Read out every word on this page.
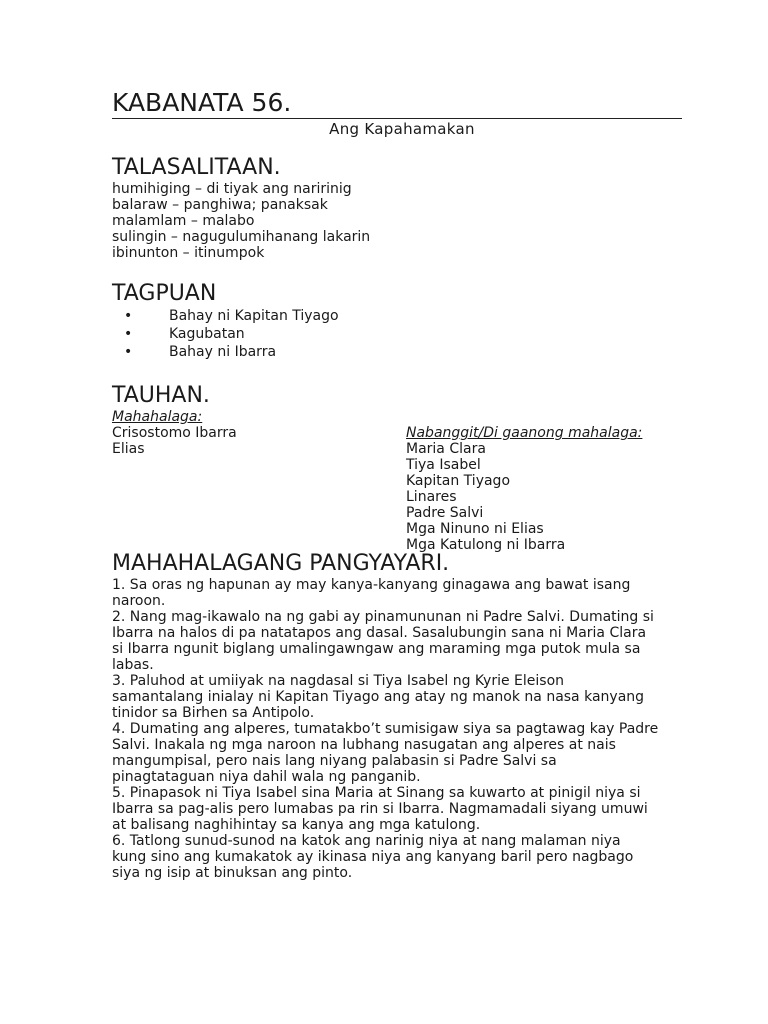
KABANATA 56.

Ang Kapahamakan

TALASALITAAN.

humihiging – di tiyak ang naririnig

balaraw – panghiwa; panaksak

malamlam – malabo

sulingin – nagugulumihanang lakarin

ibinunton – itinumpok

TAGPUAN
•	Bahay ni Kapitan Tiyago
•	Kagubatan
•	Bahay ni Ibarra
TAUHAN.

Mahahalaga:

Crisostomo Ibarra

Elias

Nabanggit/Di gaanong mahalaga:

Maria Clara

Tiya Isabel

Kapitan Tiyago

Linares

Padre Salvi

Mga Ninuno ni Elias

Mga Katulong ni Ibarra

MAHAHALAGANG PANGYAYARI.

1. Sa oras ng hapunan ay may kanya-kanyang ginagawa ang bawat isang

naroon.

2. Nang mag-ikawalo na ng gabi ay pinamununan ni Padre Salvi. Dumating si

Ibarra na halos di pa natatapos ang dasal. Sasalubungin sana ni Maria Clara

si Ibarra ngunit biglang umalingawngaw ang maraming mga putok mula sa

labas.

3. Paluhod at umiiyak na nagdasal si Tiya Isabel ng Kyrie Eleison

samantalang inialay ni Kapitan Tiyago ang atay ng manok na nasa kanyang

tinidor sa Birhen sa Antipolo.

4. Dumating ang alperes, tumatakbo’t sumisigaw siya sa pagtawag kay Padre

Salvi. Inakala ng mga naroon na lubhang nasugatan ang alperes at nais

mangumpisal, pero nais lang niyang palabasin si Padre Salvi sa

pinagtataguan niya dahil wala ng panganib.

5. Pinapasok ni Tiya Isabel sina Maria at Sinang sa kuwarto at pinigil niya si

Ibarra sa pag-alis pero lumabas pa rin si Ibarra. Nagmamadali siyang umuwi

at balisang naghihintay sa kanya ang mga katulong.

6. Tatlong sunud-sunod na katok ang narinig niya at nang malaman niya

kung sino ang kumakatok ay ikinasa niya ang kanyang baril pero nagbago

siya ng isip at binuksan ang pinto.
